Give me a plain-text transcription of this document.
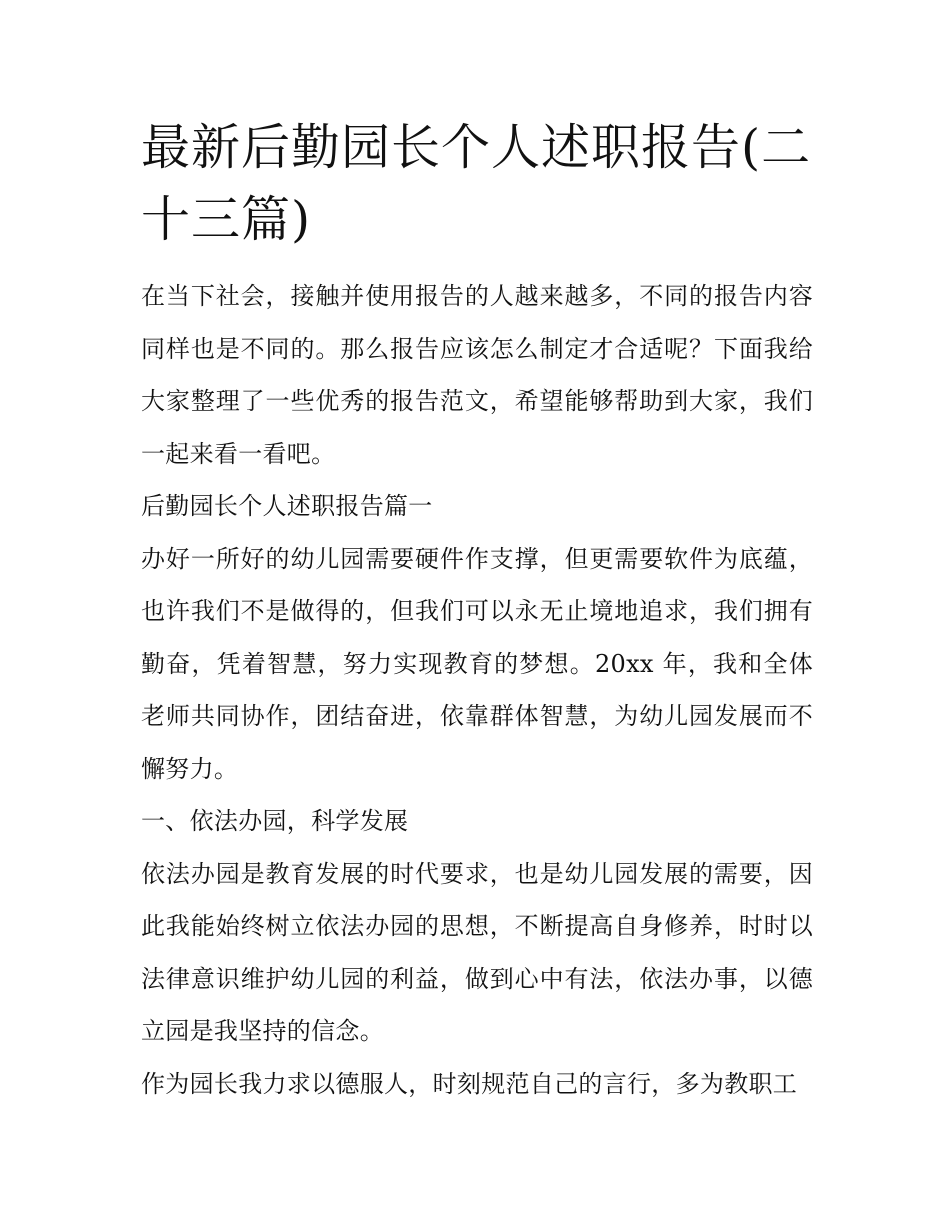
最新后勤园长个人述职报告(二十三篇)

在当下社会，接触并使用报告的人越来越多，不同的报告内容同样也是不同的。那么报告应该怎么制定才合适呢？下面我给大家整理了一些优秀的报告范文，希望能够帮助到大家，我们一起来看一看吧。

后勤园长个人述职报告篇一

办好一所好的幼儿园需要硬件作支撑，但更需要软件为底蕴，也许我们不是做得的，但我们可以永无止境地追求，我们拥有勤奋，凭着智慧，努力实现教育的梦想。20xx 年，我和全体老师共同协作，团结奋进，依靠群体智慧，为幼儿园发展而不懈努力。

一、依法办园，科学发展

依法办园是教育发展的时代要求，也是幼儿园发展的需要，因此我能始终树立依法办园的思想，不断提高自身修养，时时以法律意识维护幼儿园的利益，做到心中有法，依法办事，以德立园是我坚持的信念。

作为园长我力求以德服人，时刻规范自己的言行，多为教职工
